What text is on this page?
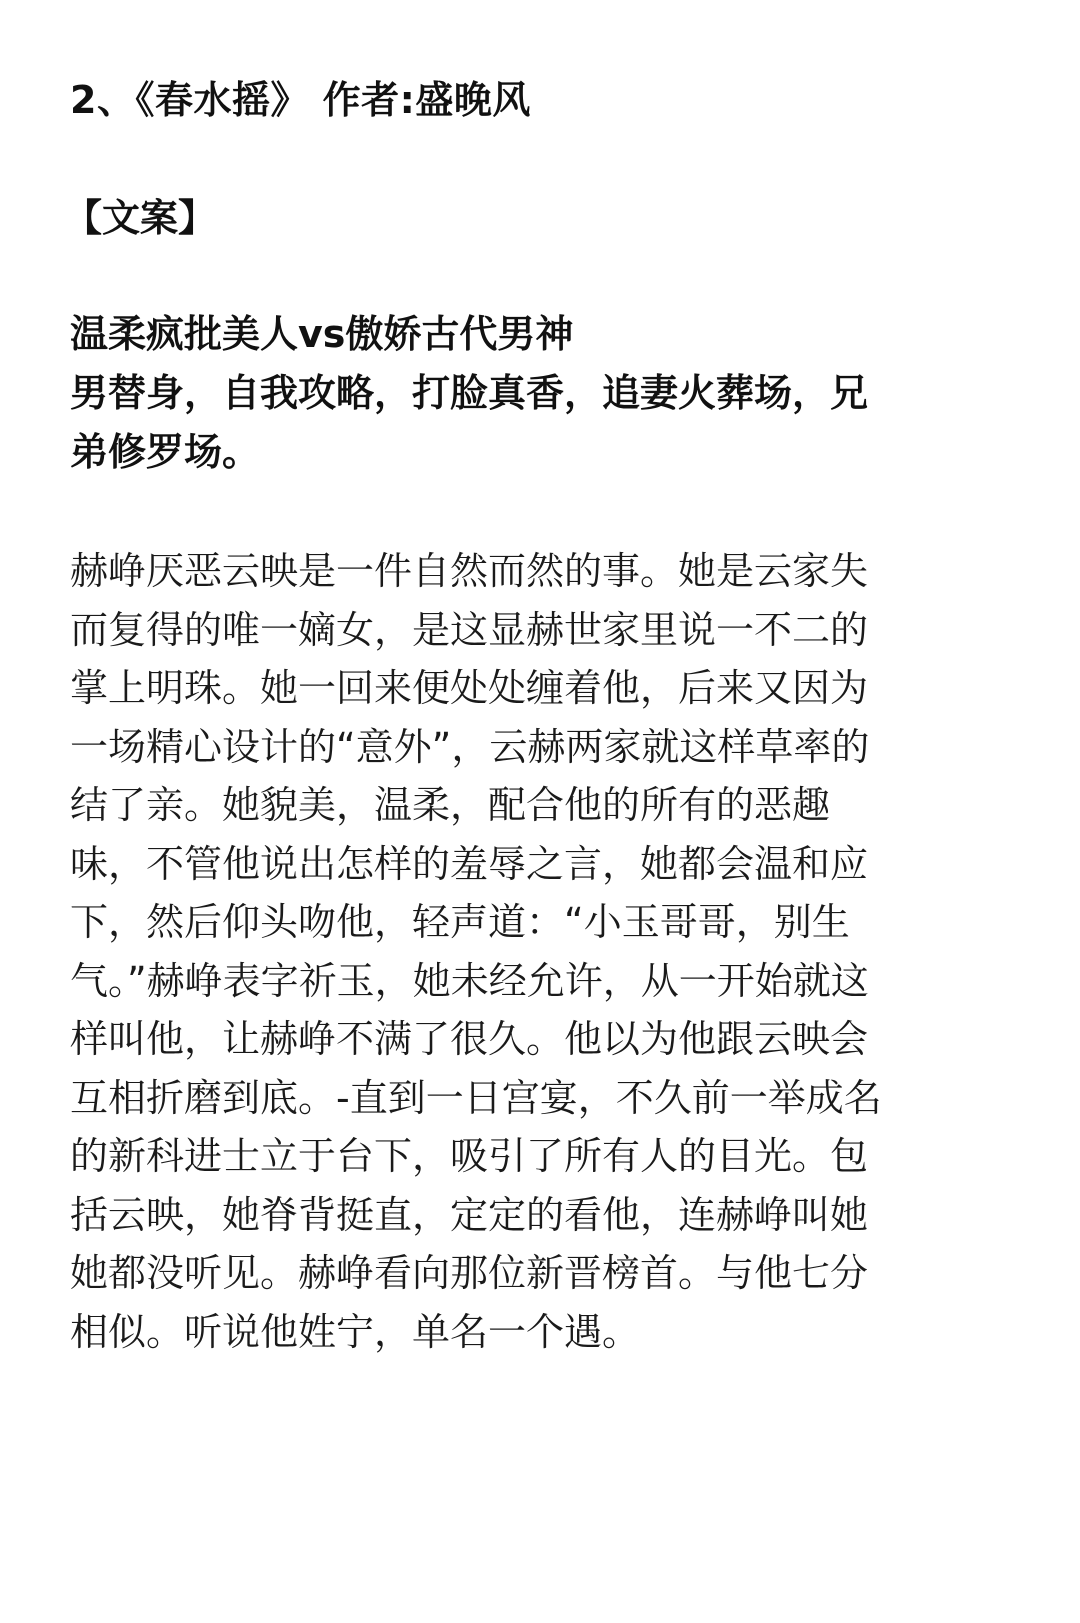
2、《春水摇》 作者:盛晚风
【文案】
温柔疯批美人vs傲娇古代男神
男替身，自我攻略，打脸真香，追妻火葬场，兄
弟修罗场。
赫峥厌恶云映是一件自然而然的事。她是云家失
而复得的唯一嫡女，是这显赫世家里说一不二的
掌上明珠。她一回来便处处缠着他，后来又因为
一场精心设计的“意外”，云赫两家就这样草率的
结了亲。她貌美，温柔，配合他的所有的恶趣
味，不管他说出怎样的羞辱之言，她都会温和应
下，然后仰头吻他，轻声道：“小玉哥哥，别生
气。”赫峥表字祈玉，她未经允许，从一开始就这
样叫他，让赫峥不满了很久。他以为他跟云映会
互相折磨到底。-直到一日宫宴，不久前一举成名
的新科进士立于台下，吸引了所有人的目光。包
括云映，她脊背挺直，定定的看他，连赫峥叫她
她都没听见。赫峥看向那位新晋榜首。与他七分
相似。听说他姓宁，单名一个遇。
